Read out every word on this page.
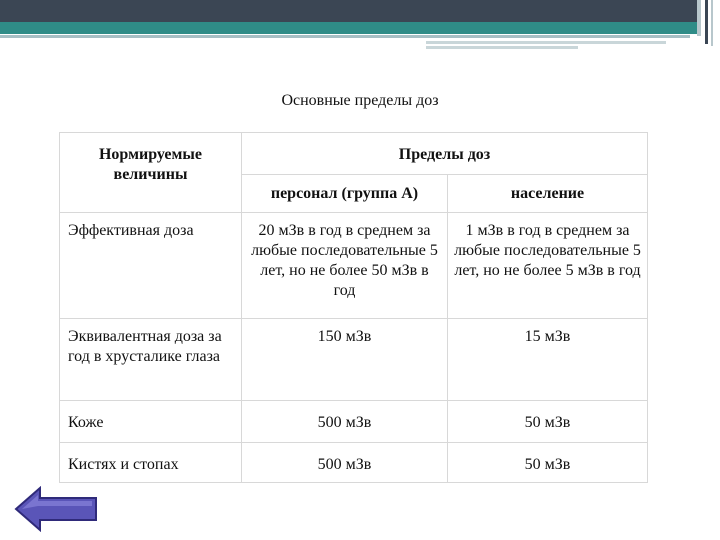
Основные пределы доз
Нормируемые величины	Пределы доз	
	персонал (группа А)	население
Эффективная доза	20 мЗв в год в среднем за любые последовательные 5 лет, но не более 50 мЗв в год	1 мЗв в год в среднем за любые последовательные 5 лет, но не более 5 мЗв в год
Эквивалентная доза за год в хрусталике глаза	150 мЗв	15 мЗв
Коже	500 мЗв	50 мЗв
Кистях и стопах	500 мЗв	50 мЗв
